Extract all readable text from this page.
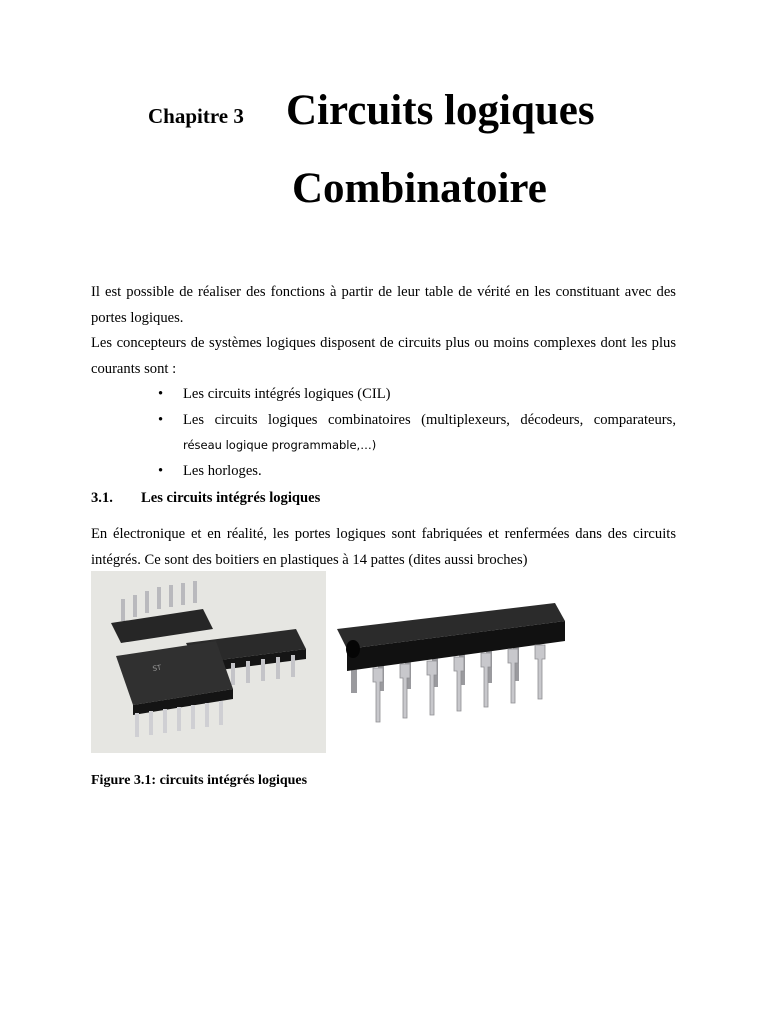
Chapitre 3 Circuits logiques
Combinatoire

Il est possible de réaliser des fonctions à partir de leur table de vérité en les constituant avec des portes logiques.

Les concepteurs de systèmes logiques disposent de circuits plus ou moins complexes dont les plus courants sont :

• Les circuits intégrés logiques (CIL)
• Les circuits logiques combinatoires (multiplexeurs, décodeurs, comparateurs, réseau logique programmable,…)
• Les horloges.
3.1. Les circuits intégrés logiques

En électronique et en réalité, les portes logiques sont fabriquées et renfermées dans des circuits intégrés. Ce sont des boitiers en plastiques à 14 pattes (dites aussi broches)

ST
Figure 3.1: circuits intégrés logiques
